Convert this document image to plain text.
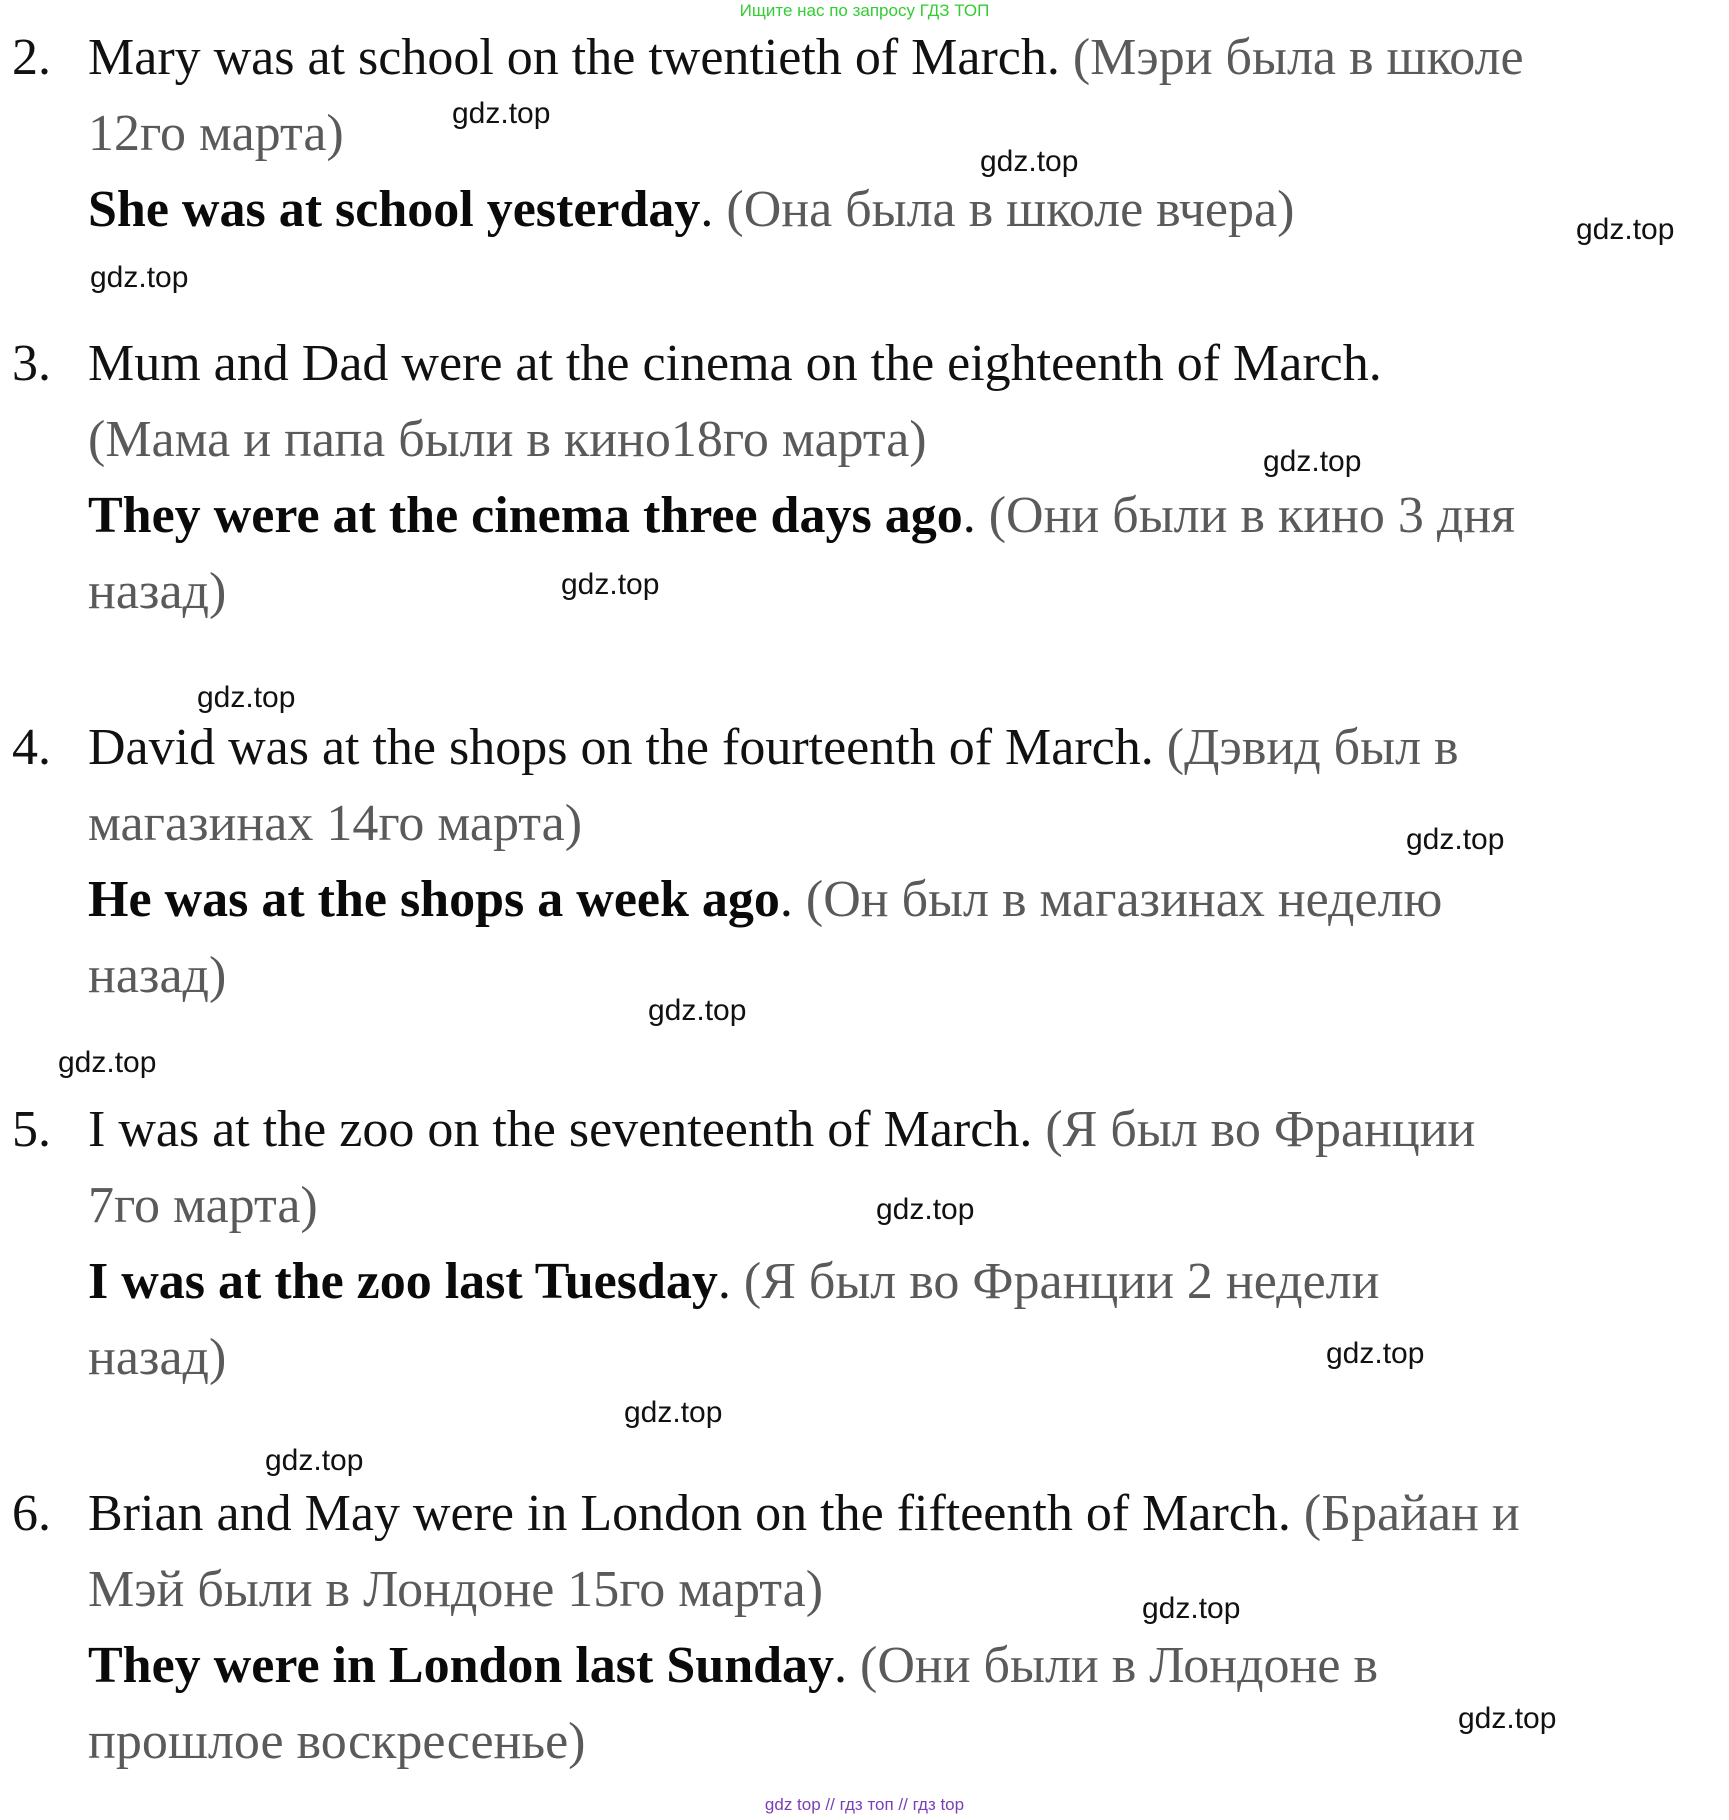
Ищите нас по запросу ГДЗ ТОП
2. Mary was at school on the twentieth of March. (Мэри была в школе
12го марта)
She was at school yesterday. (Она была в школе вчера)
3. Mum and Dad were at the cinema on the eighteenth of March.
(Мама и папа были в кино18го марта)
They were at the cinema three days ago. (Они были в кино 3 дня
назад)
4. David was at the shops on the fourteenth of March. (Дэвид был в
магазинах 14го марта)
He was at the shops a week ago. (Он был в магазинах неделю
назад)
5. I was at the zoo on the seventeenth of March. (Я был во Франции
7го марта)
I was at the zoo last Tuesday. (Я был во Франции 2 недели
назад)
6. Brian and May were in London on the fifteenth of March. (Брайан и
Мэй были в Лондоне 15го марта)
They were in London last Sunday. (Они были в Лондоне в
прошлое воскресенье)
gdz.top
gdz.top
gdz.top
gdz.top
gdz.top
gdz.top
gdz.top
gdz.top
gdz.top
gdz.top
gdz.top
gdz.top
gdz.top
gdz.top
gdz.top
gdz.top
gdz top // гдз топ // гдз top
